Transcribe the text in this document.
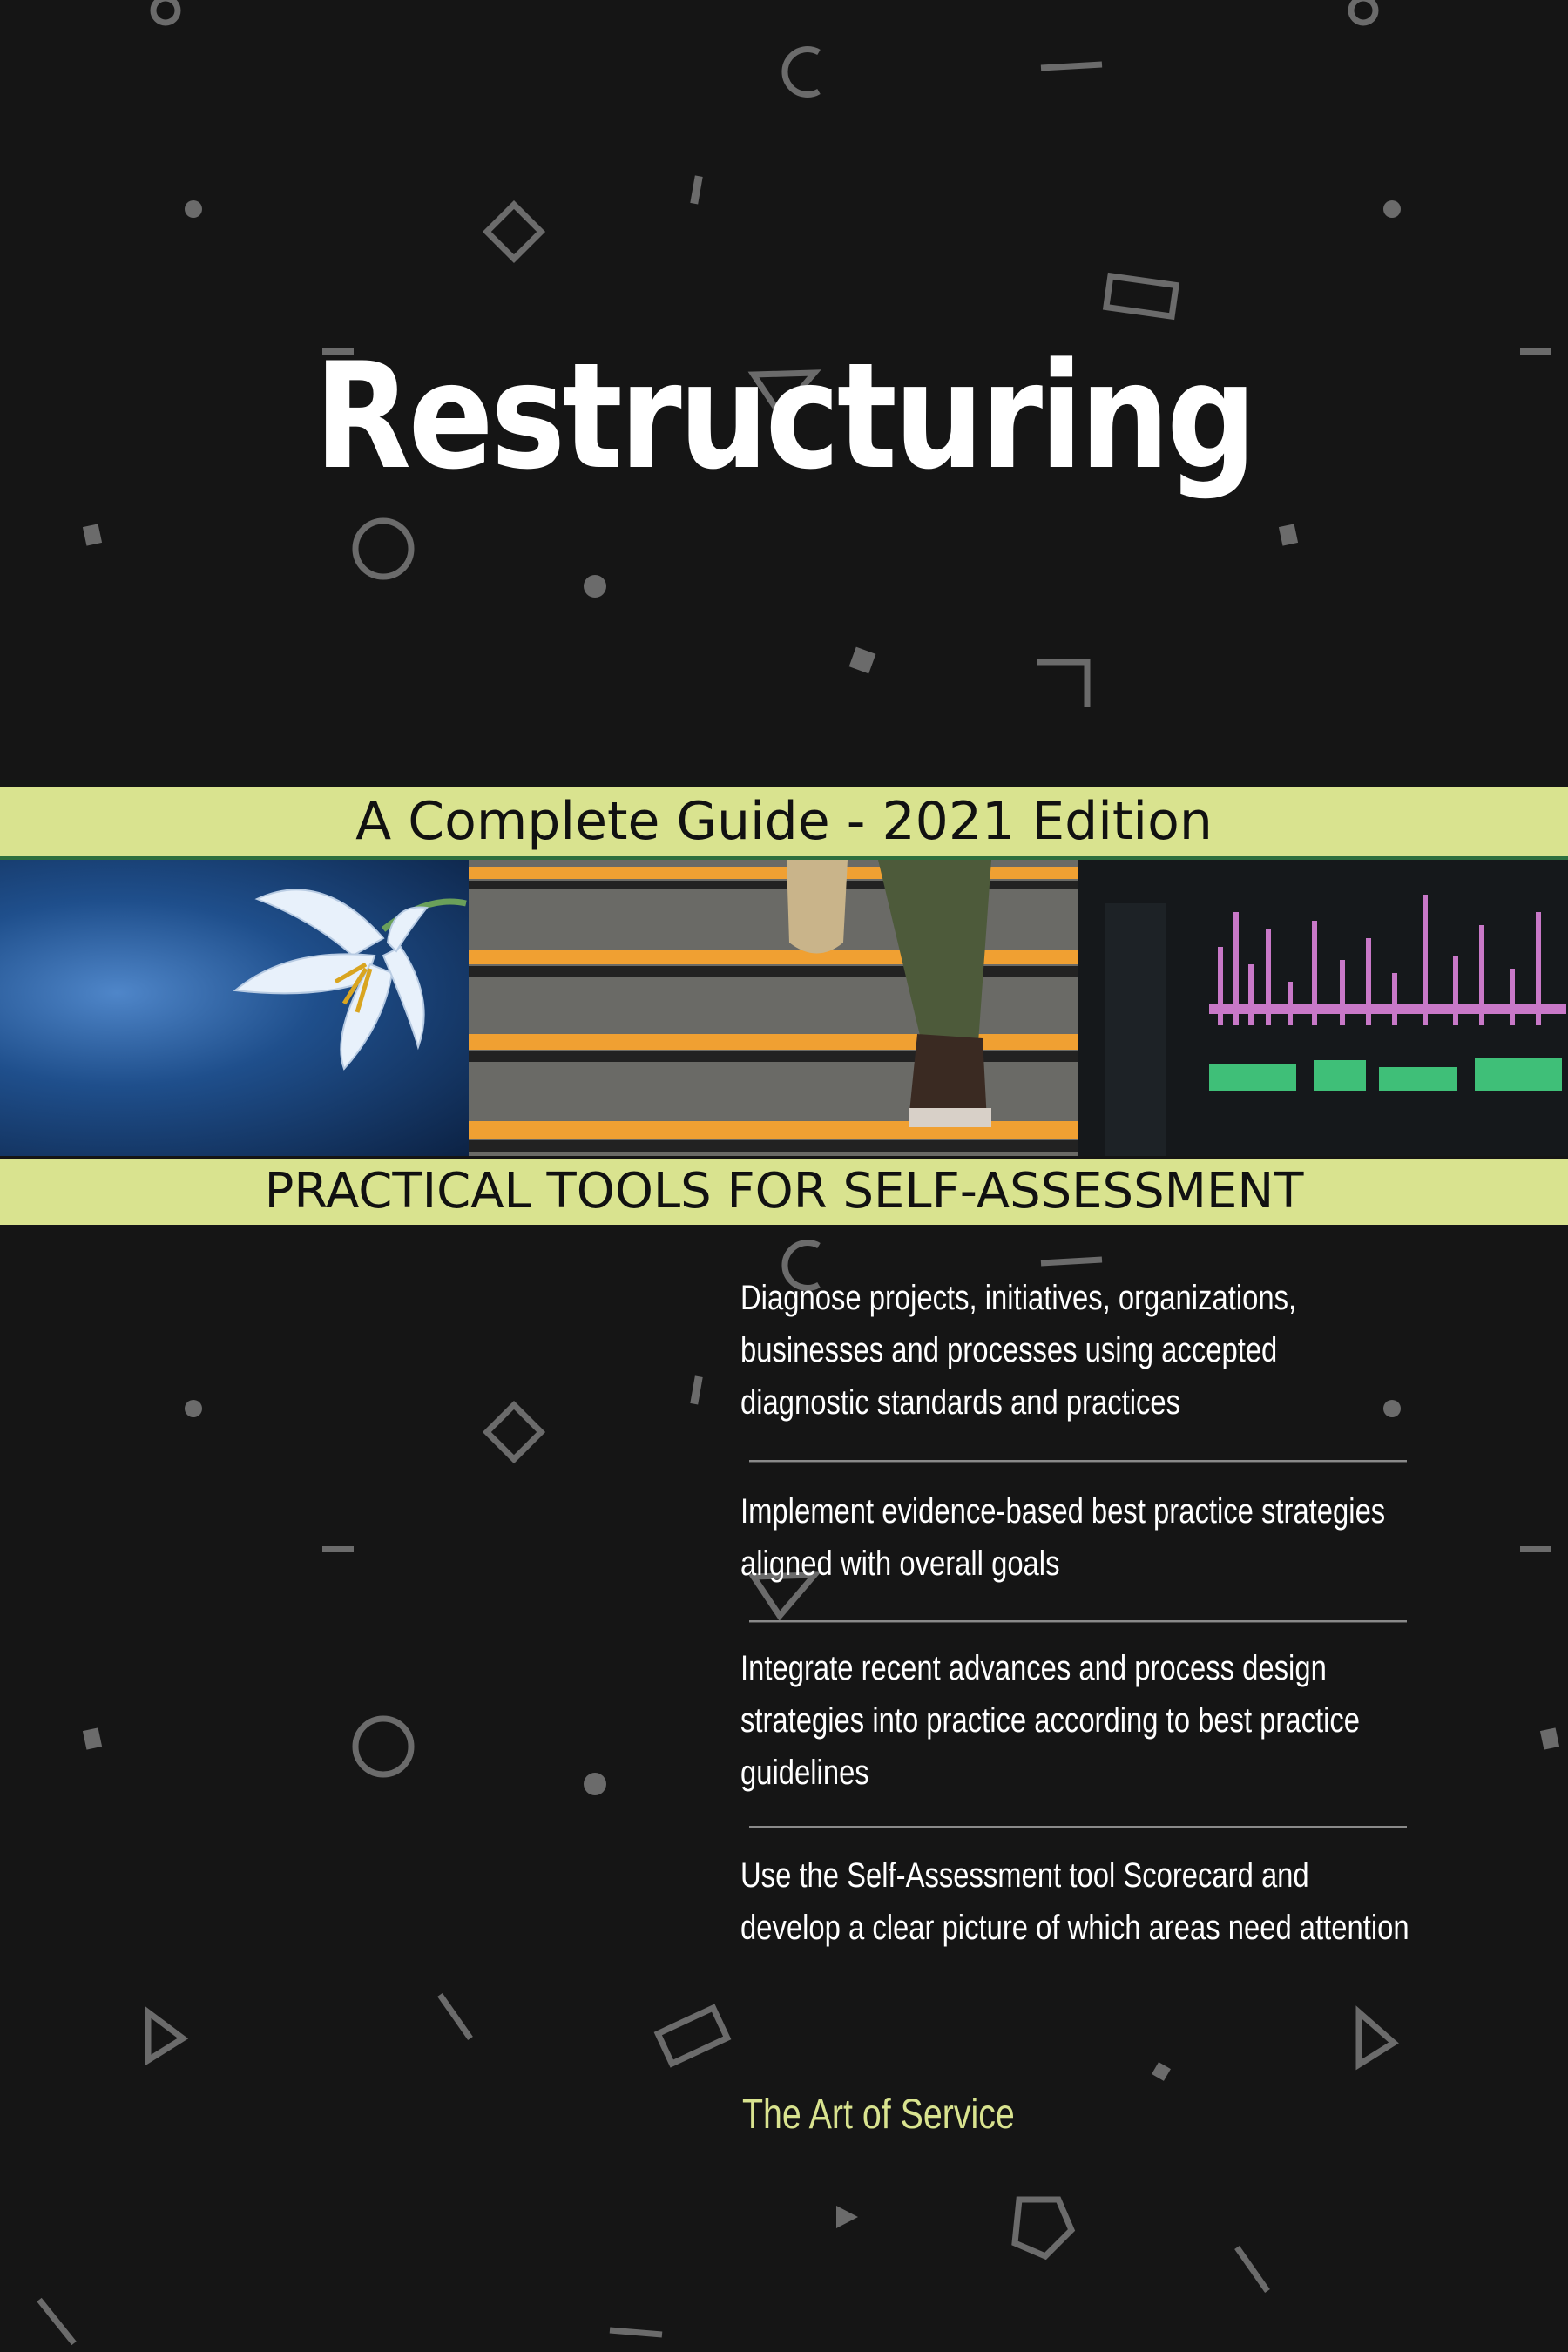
Restructuring
A Complete Guide - 2021 Edition
PRACTICAL TOOLS FOR SELF-ASSESSMENT
Diagnose projects, initiatives, organizations, businesses and processes using accepted diagnostic standards and practices
Implement evidence-based best practice strategies aligned with overall goals
Integrate recent advances and process design strategies into practice according to best practice guidelines
Use the Self-Assessment tool Scorecard and develop a clear picture of which areas need attention
The Art of Service
